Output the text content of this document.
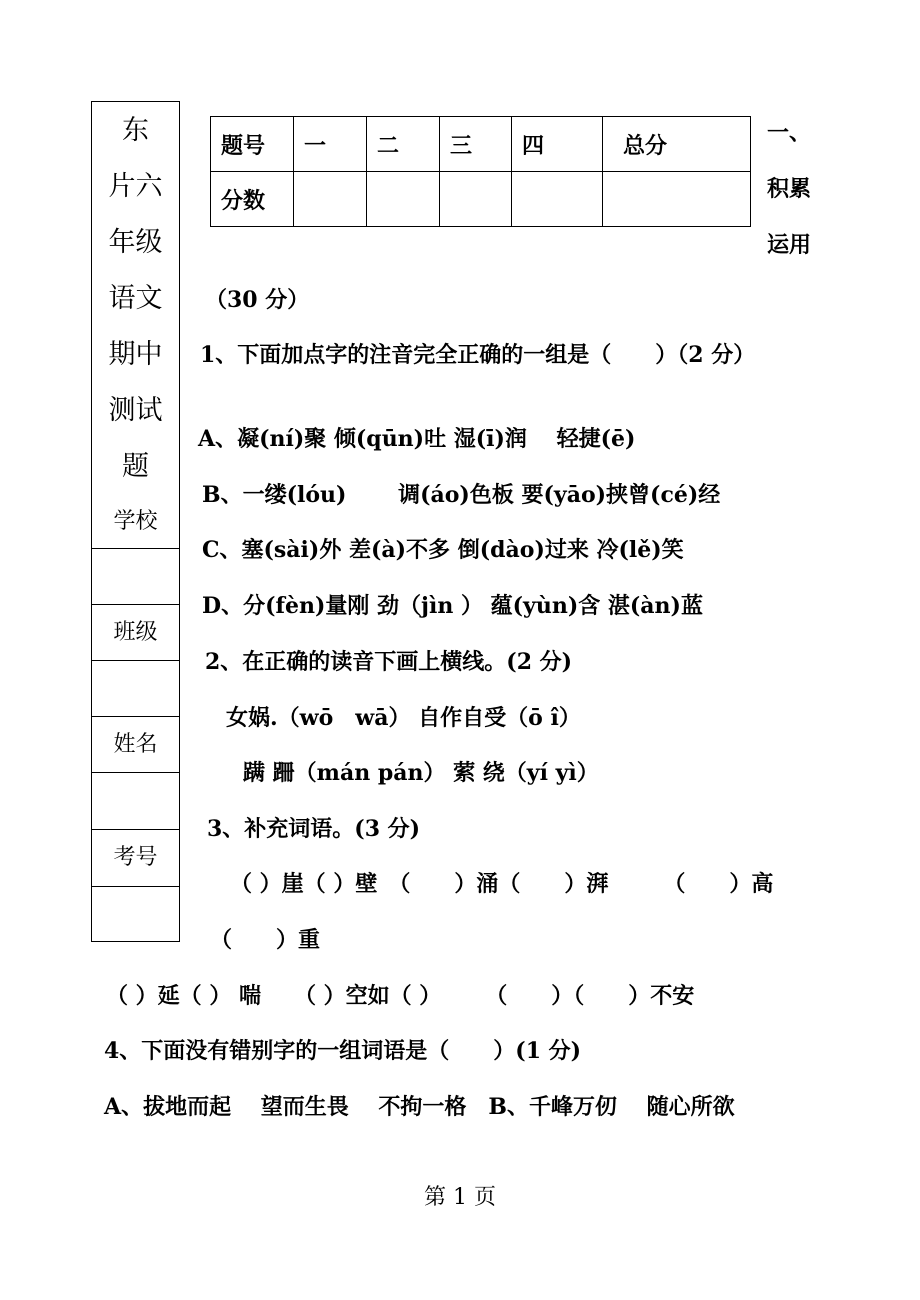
东
片六
年级
语文
期中
测试
题
学校
班级
姓名
考号
题号	一	二	三	四	总分
分数					
一、
积累
运用
（30 分）
1、下面加点字的注音完全正确的一组是（　　）（2 分）
A、凝(ní)聚 倾(qūn)吐 湿(ī)润　 轻捷(ē)
B、一缕(lóu)　　 调(áo)色板 要(yāo)挟曾(cé)经
C、塞(sài)外 差(à)不多 倒(dào)过来 冷(lě)笑
D、分(fèn)量刚 劲（jìn ） 蕴(yùn)含 湛(àn)蓝
2、在正确的读音下画上横线。(2 分)
女娲.（wō　wā） 自作自受（ō î）
蹒 跚（mán pán） 萦 绕（yí yì）
3、补充词语。(3 分)
（ ）崖（ ）壁　（　　）涌（　　）湃　　　（　　）高
（　　）重
（ ）延（ ） 喘　　（ ）空如（ ）　　　（　　）（　　）不安
4、下面没有错别字的一组词语是（　　）(1 分)
A、拔地而起　 望而生畏　 不拘一格　B、千峰万仞　 随心所欲
第 1 页
